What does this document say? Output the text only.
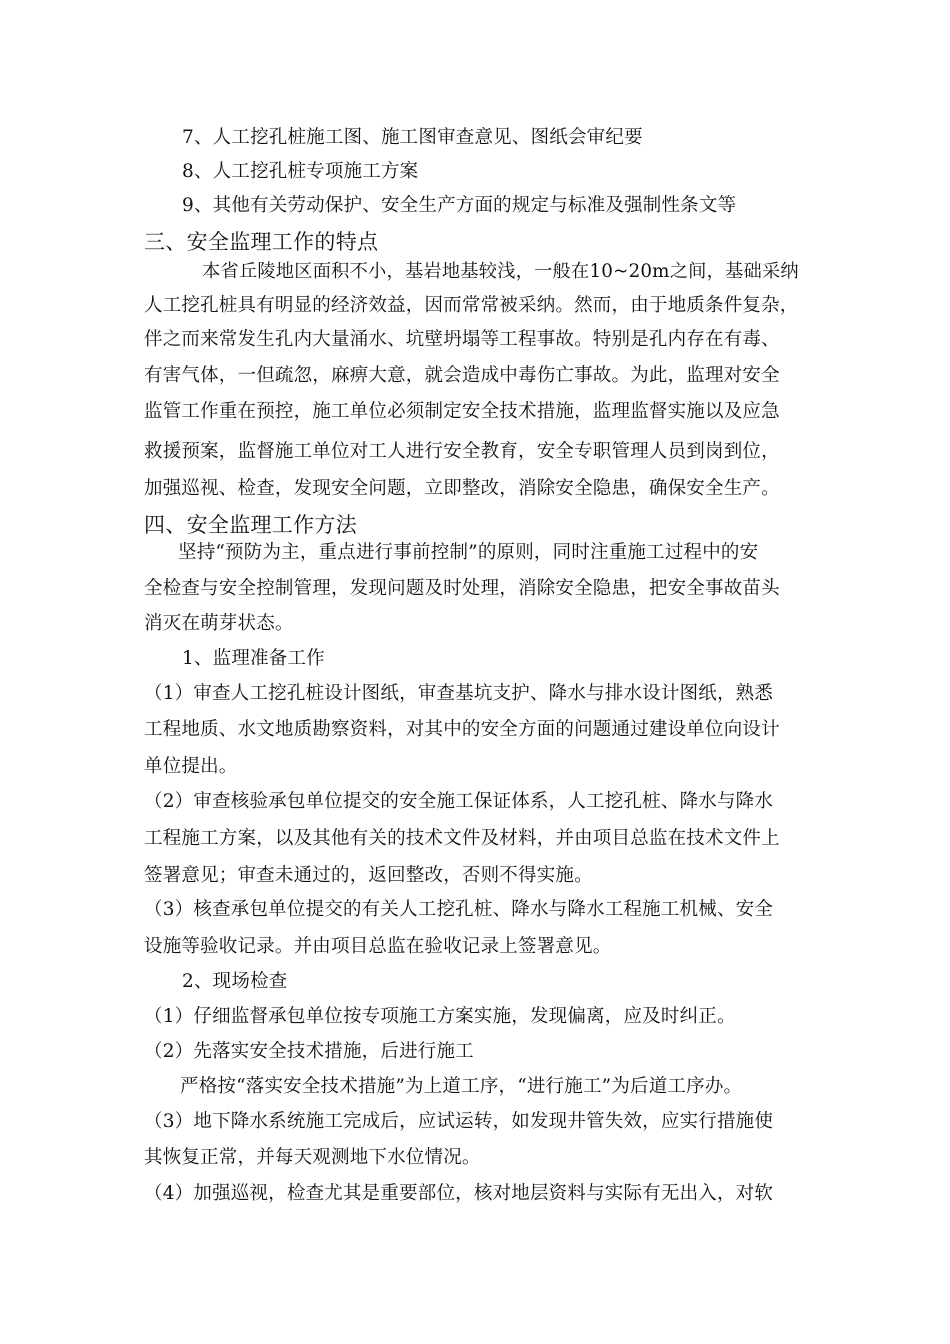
7、人工挖孔桩施工图、施工图审查意见、图纸会审纪要
8、人工挖孔桩专项施工方案
9、其他有关劳动保护、安全生产方面的规定与标准及强制性条文等
三、安全监理工作的特点
本省丘陵地区面积不小，基岩地基较浅，一般在10~20m之间，基础采纳
人工挖孔桩具有明显的经济效益，因而常常被采纳。然而，由于地质条件复杂，
伴之而来常发生孔内大量涌水、坑壁坍塌等工程事故。特别是孔内存在有毒、
有害气体，一但疏忽，麻痹大意，就会造成中毒伤亡事故。为此，监理对安全
监管工作重在预控，施工单位必须制定安全技术措施，监理监督实施以及应急
救援预案，监督施工单位对工人进行安全教育，安全专职管理人员到岗到位，
加强巡视、检查，发现安全问题，立即整改，消除安全隐患，确保安全生产。
四、安全监理工作方法
坚持“预防为主，重点进行事前控制”的原则，同时注重施工过程中的安
全检查与安全控制管理，发现问题及时处理，消除安全隐患，把安全事故苗头
消灭在萌芽状态。
1、监理准备工作
（1）审查人工挖孔桩设计图纸，审查基坑支护、降水与排水设计图纸，熟悉
工程地质、水文地质勘察资料，对其中的安全方面的问题通过建设单位向设计
单位提出。
（2）审查核验承包单位提交的安全施工保证体系，人工挖孔桩、降水与降水
工程施工方案，以及其他有关的技术文件及材料，并由项目总监在技术文件上
签署意见；审查未通过的，返回整改，否则不得实施。
（3）核查承包单位提交的有关人工挖孔桩、降水与降水工程施工机械、安全
设施等验收记录。并由项目总监在验收记录上签署意见。
2、现场检查
（1）仔细监督承包单位按专项施工方案实施，发现偏离，应及时纠正。
（2）先落实安全技术措施，后进行施工
严格按“落实安全技术措施”为上道工序，“进行施工”为后道工序办。
（3）地下降水系统施工完成后，应试运转，如发现井管失效，应实行措施使
其恢复正常，并每天观测地下水位情况。
（4）加强巡视，检查尤其是重要部位，核对地层资料与实际有无出入，对软
